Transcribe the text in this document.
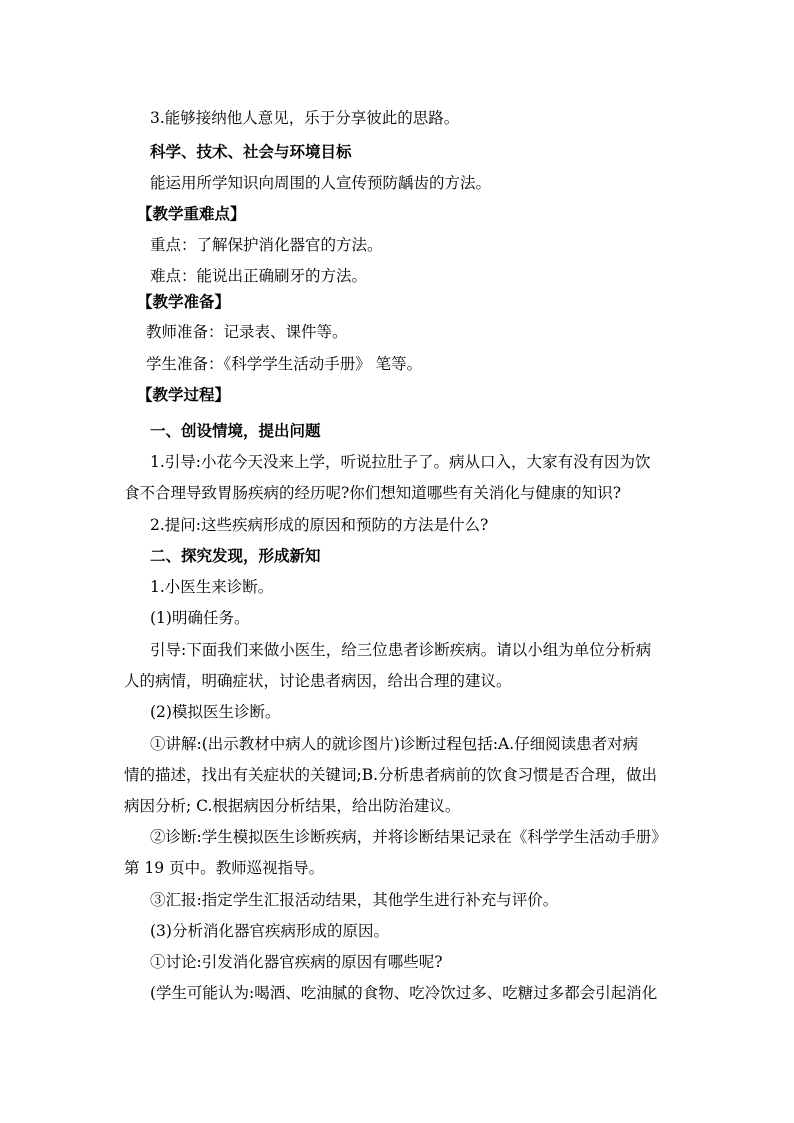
3.能够接纳他人意见，乐于分享彼此的思路。
科学、技术、社会与环境目标
能运用所学知识向周围的人宣传预防龋齿的方法。
【教学重难点】
重点：了解保护消化器官的方法。
难点：能说出正确刷牙的方法。
【教学准备】
教师准备：记录表、课件等。
学生准备：《科学学生活动手册》 笔等。
【教学过程】
一、创设情境，提出问题
1.引导:小花今天没来上学，听说拉肚子了。病从口入，大家有没有因为饮
食不合理导致胃肠疾病的经历呢?你们想知道哪些有关消化与健康的知识?
2.提问:这些疾病形成的原因和预防的方法是什么?
二、探究发现，形成新知
1.小医生来诊断。
(1)明确任务。
引导:下面我们来做小医生，给三位患者诊断疾病。请以小组为单位分析病
人的病情，明确症状，讨论患者病因，给出合理的建议。
(2)模拟医生诊断。
①讲解:(出示教材中病人的就诊图片)诊断过程包括:A.仔细阅读患者对病
情的描述，找出有关症状的关键词;B.分析患者病前的饮食习惯是否合理，做出
病因分析; C.根据病因分析结果，给出防治建议。
②诊断:学生模拟医生诊断疾病，并将诊断结果记录在《科学学生活动手册》
第 19 页中。教师巡视指导。
③汇报:指定学生汇报活动结果，其他学生进行补充与评价。
(3)分析消化器官疾病形成的原因。
①讨论:引发消化器官疾病的原因有哪些呢?
(学生可能认为:喝酒、吃油腻的食物、吃冷饮过多、吃糖过多都会引起消化
